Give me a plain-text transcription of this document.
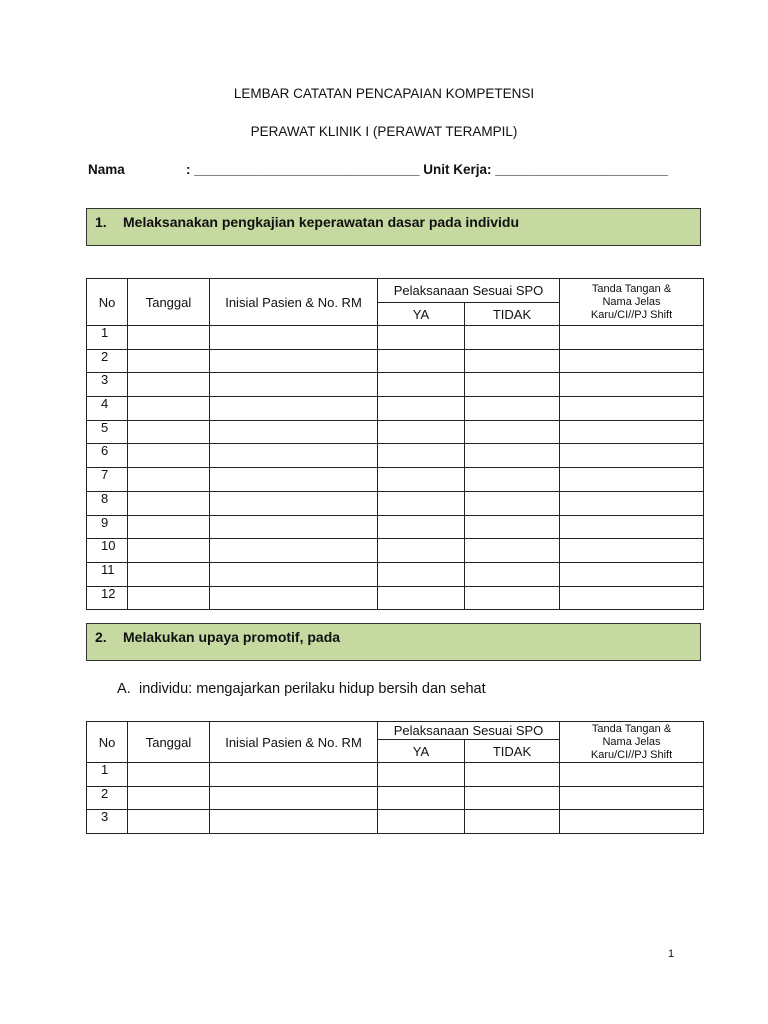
LEMBAR CATATAN PENCAPAIAN KOMPETENSI
PERAWAT KLINIK I (PERAWAT TERAMPIL)
Nama	: ______________________________ Unit Kerja: _______________________
1. Melaksanakan pengkajian keperawatan dasar pada individu
No	Tanggal	Inisial Pasien & No. RM	Pelaksanaan Sesuai SPO		Tanda Tangan &
Nama Jelas
Karu/CI//PJ Shift

			YA	TIDAK	
1					
2					
3					
4					
5					
6					
7					
8					
9					
10					
11					
12					
2. Melakukan upaya promotif, pada
A. individu: mengajarkan perilaku hidup bersih dan sehat
No	Tanggal	Inisial Pasien & No. RM	Pelaksanaan Sesuai SPO		Tanda Tangan &
Nama Jelas
Karu/CI//PJ Shift

			YA	TIDAK	
1					
2					
3					
1
